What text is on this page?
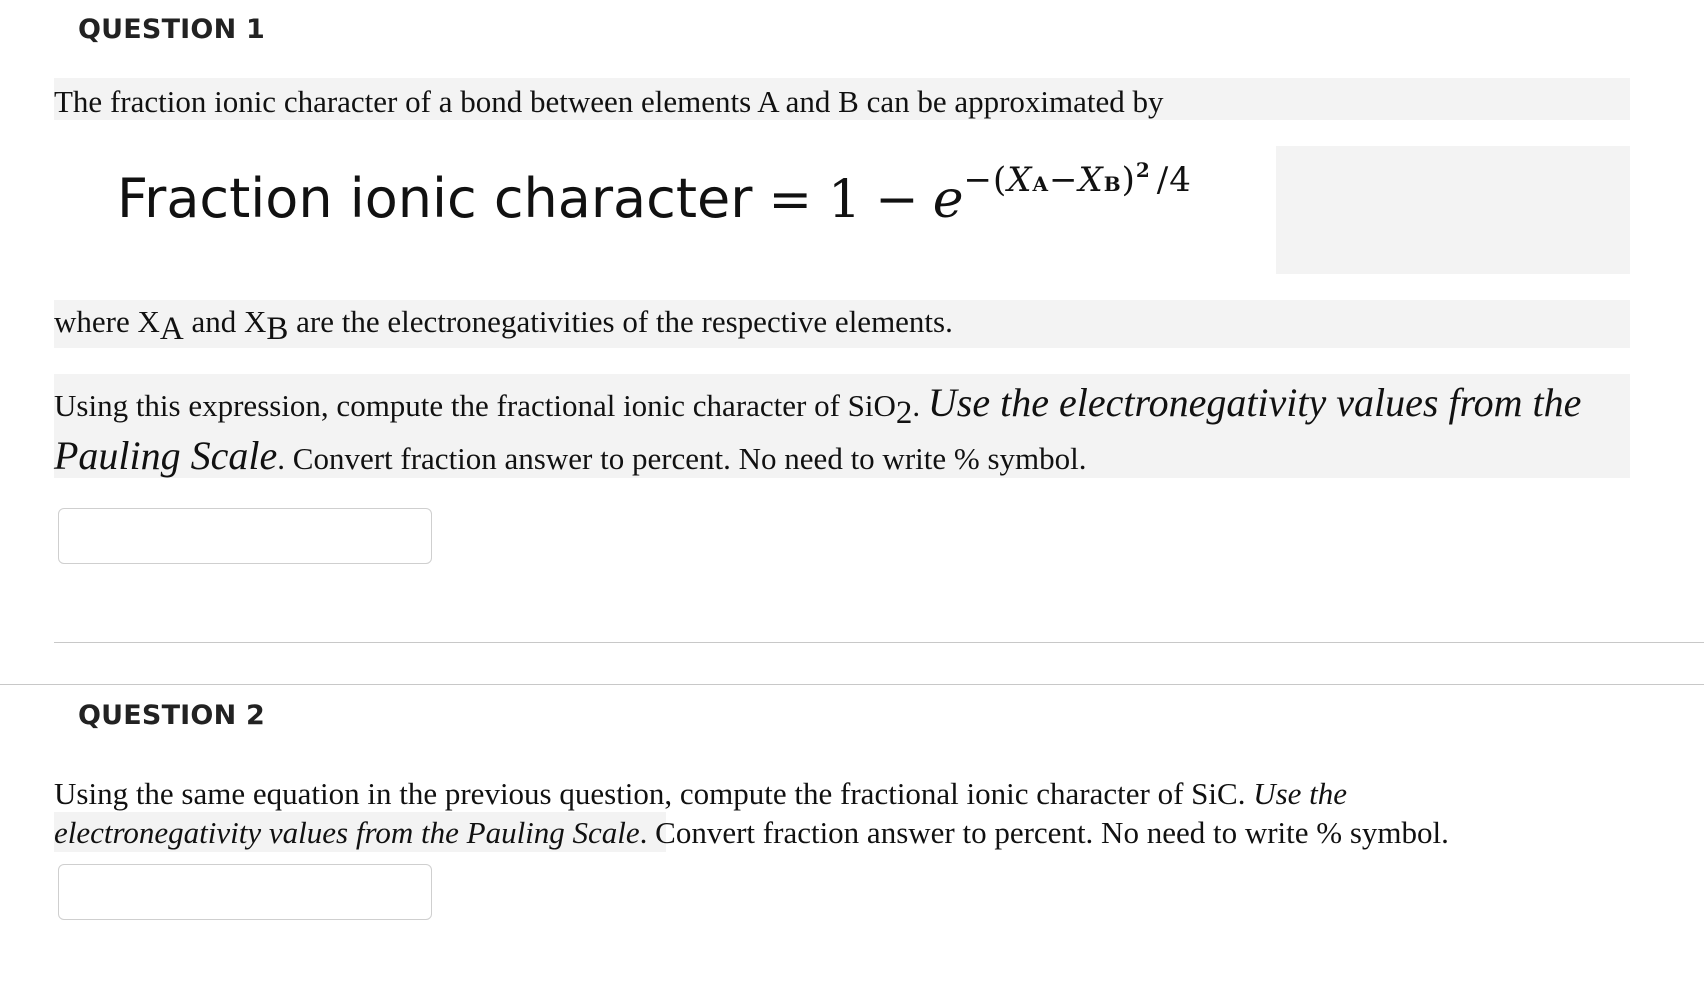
QUESTION 1
The fraction ionic character of a bond between elements A and B can be approximated by
Fraction ionic character = $1 - e-(XA-XB)^2$ /4
where XA and XB are the electronegativities of the respective elements.
Using this expression, compute the fractional ionic character of SiO2. Use the electronegativity values from the
Pauling Scale. Convert fraction answer to percent. No need to write % symbol.
QUESTION 2
Using the same equation in the previous question, compute the fractional ionic character of SiC. Use the
electronegativity values from the Pauling Scale. Convert fraction answer to percent. No need to write % symbol.
